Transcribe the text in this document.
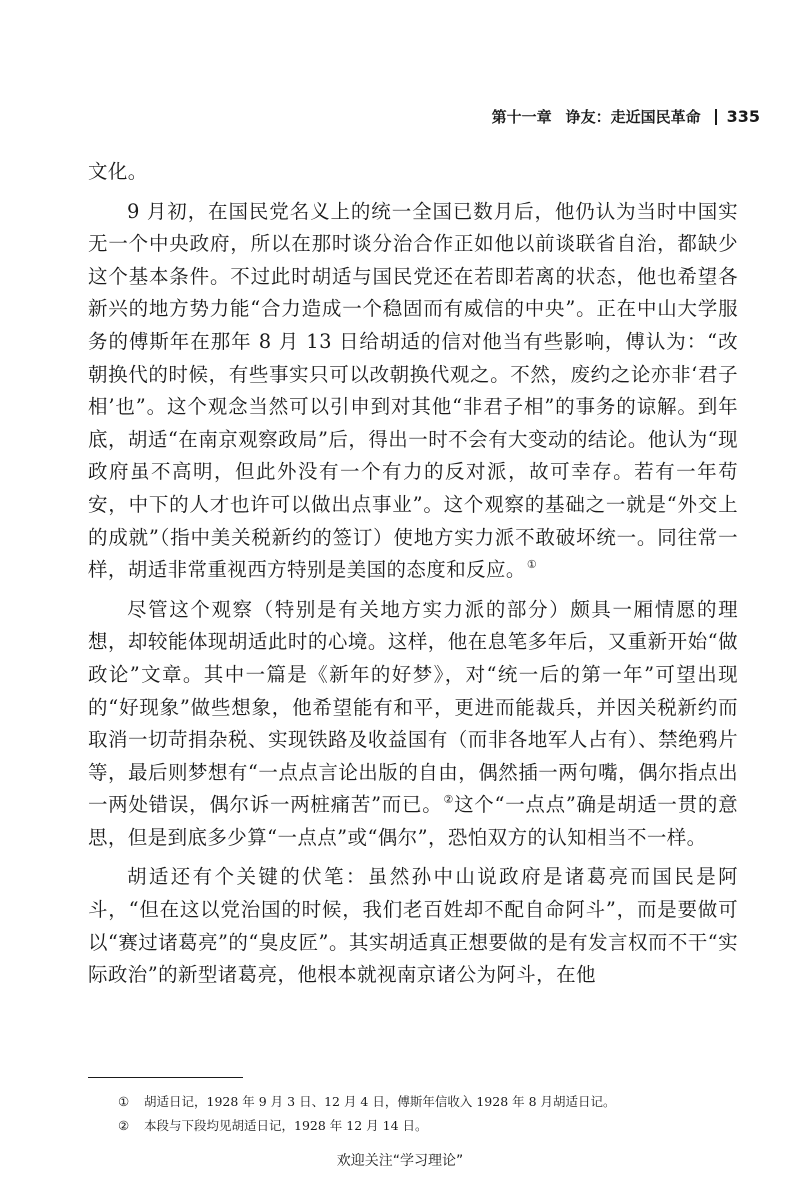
第十一章 诤友：走近国民革命 335

文化。

9 月初，在国民党名义上的统一全国已数月后，他仍认为当时中国实无一个中央政府，所以在那时谈分治合作正如他以前谈联省自治，都缺少这个基本条件。不过此时胡适与国民党还在若即若离的状态，他也希望各新兴的地方势力能“合力造成一个稳固而有威信的中央”。正在中山大学服务的傅斯年在那年 8 月 13 日给胡适的信对他当有些影响，傅认为：“改朝换代的时候，有些事实只可以改朝换代观之。不然，废约之论亦非‘君子相’也”。这个观念当然可以引申到对其他“非君子相”的事务的谅解。到年底，胡适“在南京观察政局”后，得出一时不会有大变动的结论。他认为“现政府虽不高明，但此外没有一个有力的反对派，故可幸存。若有一年苟安，中下的人才也许可以做出点事业”。这个观察的基础之一就是“外交上的成就”（指中美关税新约的签订）使地方实力派不敢破坏统一。同往常一样，胡适非常重视西方特别是美国的态度和反应。①

尽管这个观察（特别是有关地方实力派的部分）颇具一厢情愿的理想，却较能体现胡适此时的心境。这样，他在息笔多年后，又重新开始“做政论”文章。其中一篇是《新年的好梦》，对“统一后的第一年”可望出现的“好现象”做些想象，他希望能有和平，更进而能裁兵，并因关税新约而取消一切苛捐杂税、实现铁路及收益国有（而非各地军人占有）、禁绝鸦片等，最后则梦想有“一点点言论出版的自由，偶然插一两句嘴，偶尔指点出一两处错误，偶尔诉一两桩痛苦”而已。②这个“一点点”确是胡适一贯的意思，但是到底多少算“一点点”或“偶尔”，恐怕双方的认知相当不一样。

胡适还有个关键的伏笔：虽然孙中山说政府是诸葛亮而国民是阿斗，“但在这以党治国的时候，我们老百姓却不配自命阿斗”，而是要做可以“赛过诸葛亮”的“臭皮匠”。其实胡适真正想要做的是有发言权而不干“实际政治”的新型诸葛亮，他根本就视南京诸公为阿斗，在他

①	胡适日记，1928 年 9 月 3 日、12 月 4 日，傅斯年信收入 1928 年 8 月胡适日记。
②	本段与下段均见胡适日记，1928 年 12 月 14 日。
欢迎关注“学习理论”
